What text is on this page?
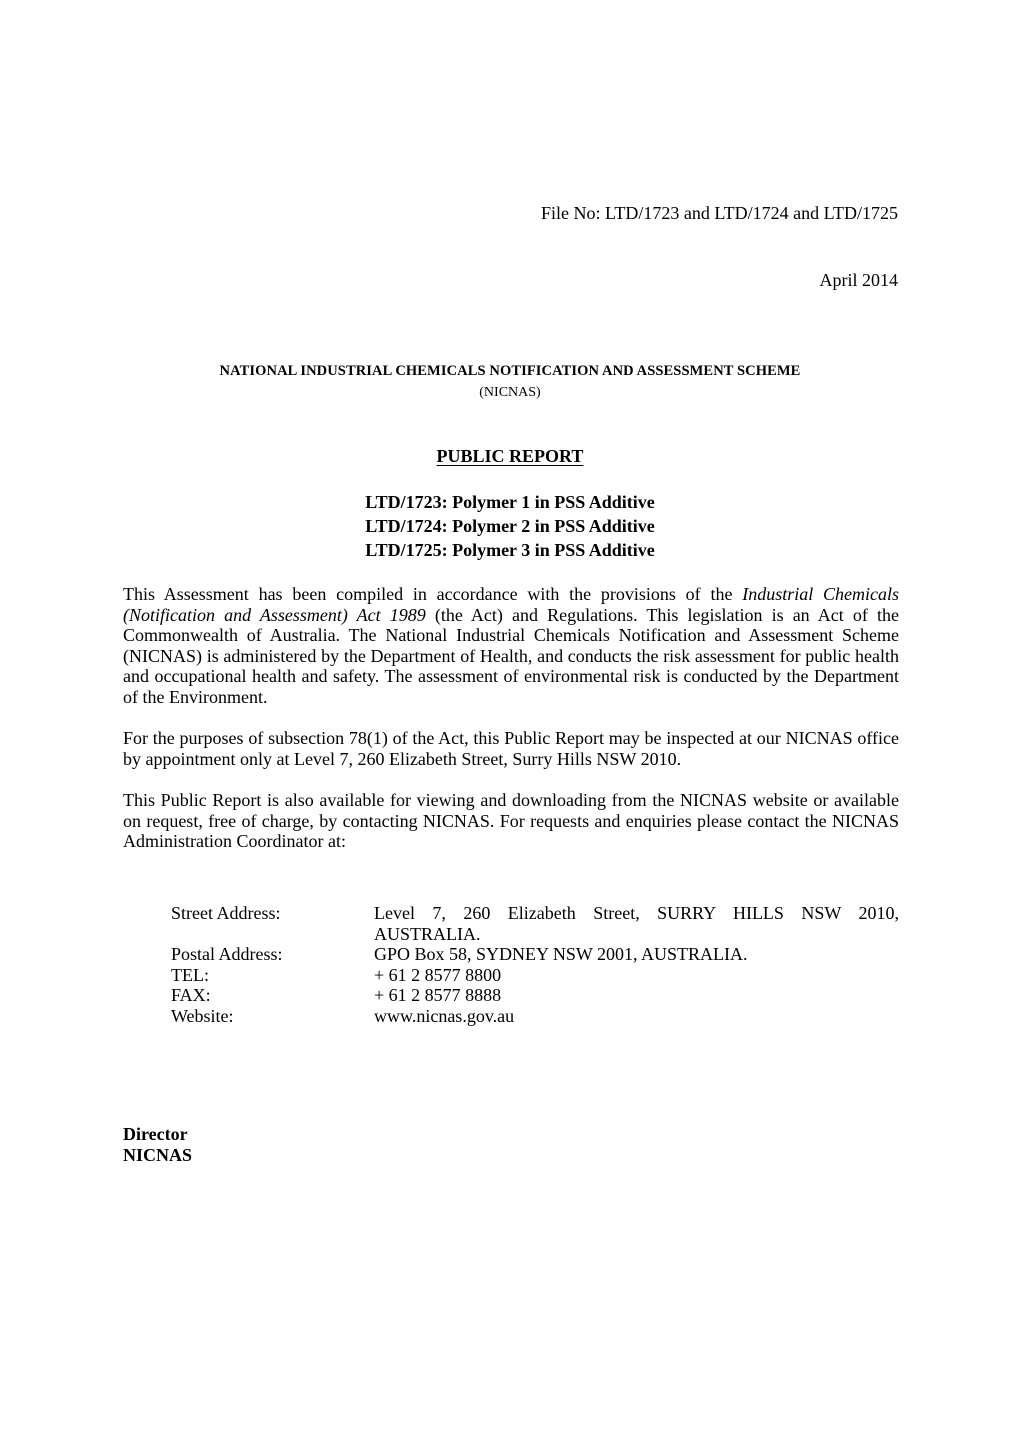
File No: LTD/1723 and LTD/1724 and LTD/1725
April 2014
NATIONAL INDUSTRIAL CHEMICALS NOTIFICATION AND ASSESSMENT SCHEME
(NICNAS)
PUBLIC REPORT
LTD/1723: Polymer 1 in PSS Additive
LTD/1724: Polymer 2 in PSS Additive
LTD/1725: Polymer 3 in PSS Additive
This Assessment has been compiled in accordance with the provisions of the Industrial Chemicals (Notification and Assessment) Act 1989 (the Act) and Regulations. This legislation is an Act of the Commonwealth of Australia. The National Industrial Chemicals Notification and Assessment Scheme (NICNAS) is administered by the Department of Health, and conducts the risk assessment for public health and occupational health and safety. The assessment of environmental risk is conducted by the Department of the Environment.
For the purposes of subsection 78(1) of the Act, this Public Report may be inspected at our NICNAS office by appointment only at Level 7, 260 Elizabeth Street, Surry Hills NSW 2010.
This Public Report is also available for viewing and downloading from the NICNAS website or available on request, free of charge, by contacting NICNAS. For requests and enquiries please contact the NICNAS Administration Coordinator at:
Street Address:	Level 7, 260 Elizabeth Street, SURRY HILLS NSW 2010, AUSTRALIA.
Postal Address:	GPO Box 58, SYDNEY NSW 2001, AUSTRALIA.
TEL:	+ 61 2 8577 8800
FAX:	+ 61 2 8577 8888
Website:	www.nicnas.gov.au
Director
NICNAS
